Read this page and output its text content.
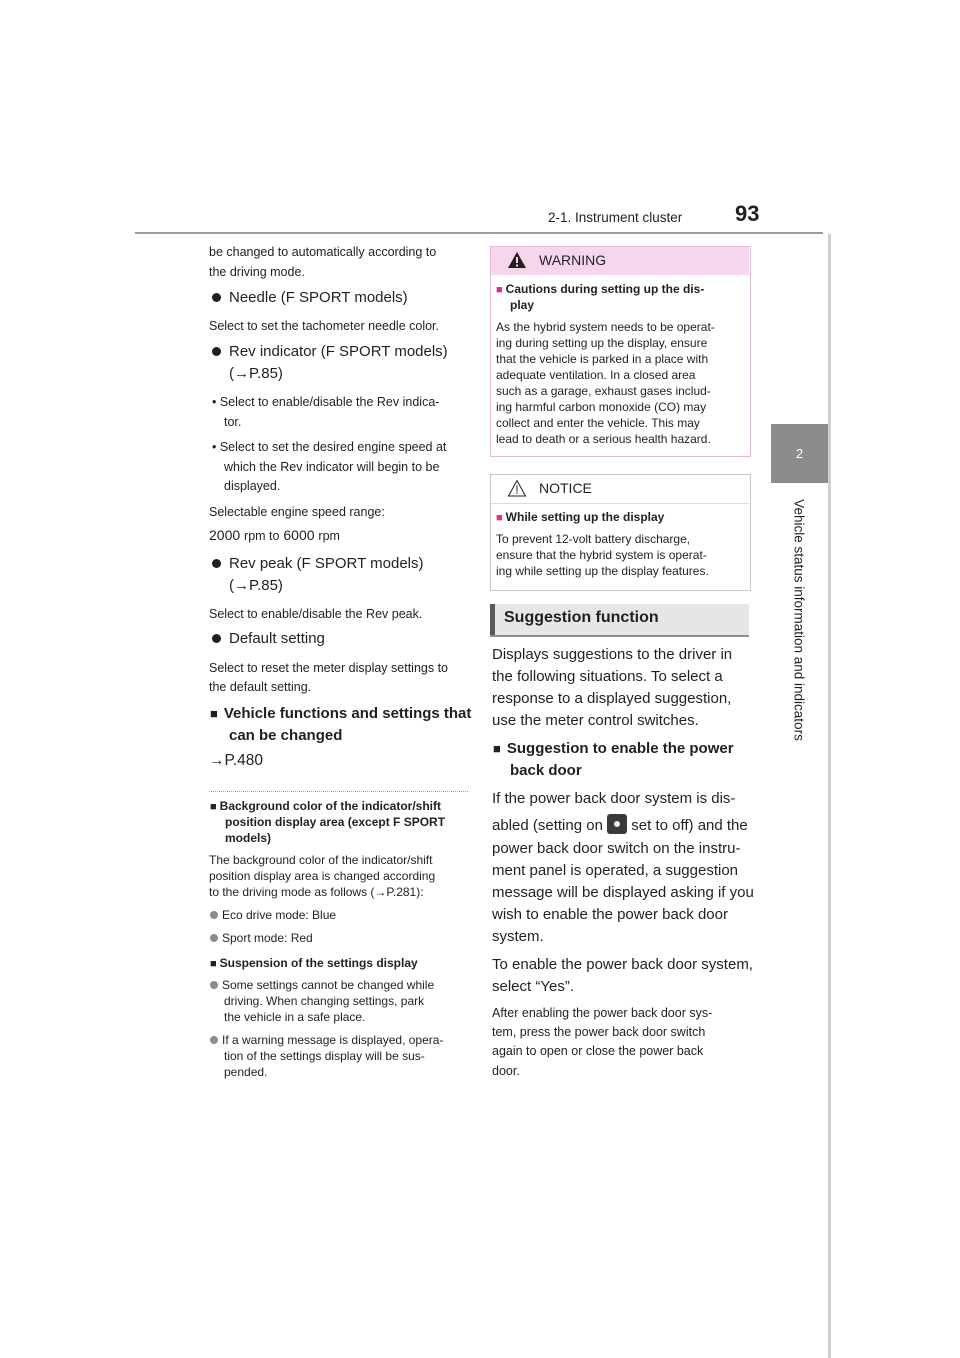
2-1. Instrument cluster 93
2
Vehicle status information and indicators
be changed to automatically according to
the driving mode.
Needle (F SPORT models)
Select to set the tachometer needle color.
Rev indicator (F SPORT models)
(→P.85)
• Select to enable/disable the Rev indica-
tor.
• Select to set the desired engine speed at
which the Rev indicator will begin to be
displayed.
Selectable engine speed range:
2000 rpm to 6000 rpm
Rev peak (F SPORT models)
(→P.85)
Select to enable/disable the Rev peak.
Default setting
Select to reset the meter display settings to
the default setting.
■ Vehicle functions and settings that
can be changed
→P.480
■ Background color of the indicator/shift
position display area (except F SPORT
models)
The background color of the indicator/shift
position display area is changed according
to the driving mode as follows (→P.281):
Eco drive mode: Blue
Sport mode: Red
■ Suspension of the settings display
Some settings cannot be changed while
driving. When changing settings, park
the vehicle in a safe place.
If a warning message is displayed, opera-
tion of the settings display will be sus-
pended.
WARNING
■ Cautions during setting up the dis-
play
As the hybrid system needs to be operat-
ing during setting up the display, ensure
that the vehicle is parked in a place with
adequate ventilation. In a closed area
such as a garage, exhaust gases includ-
ing harmful carbon monoxide (CO) may
collect and enter the vehicle. This may
lead to death or a serious health hazard.
NOTICE
■ While setting up the display
To prevent 12-volt battery discharge,
ensure that the hybrid system is operat-
ing while setting up the display features.
Suggestion function
Displays suggestions to the driver in
the following situations. To select a
response to a displayed suggestion,
use the meter control switches.
■ Suggestion to enable the power
back door
If the power back door system is dis-
abled (setting on set to off) and the
power back door switch on the instru-
ment panel is operated, a suggestion
message will be displayed asking if you
wish to enable the power back door
system.
To enable the power back door system,
select “Yes”.
After enabling the power back door sys-
tem, press the power back door switch
again to open or close the power back
door.
